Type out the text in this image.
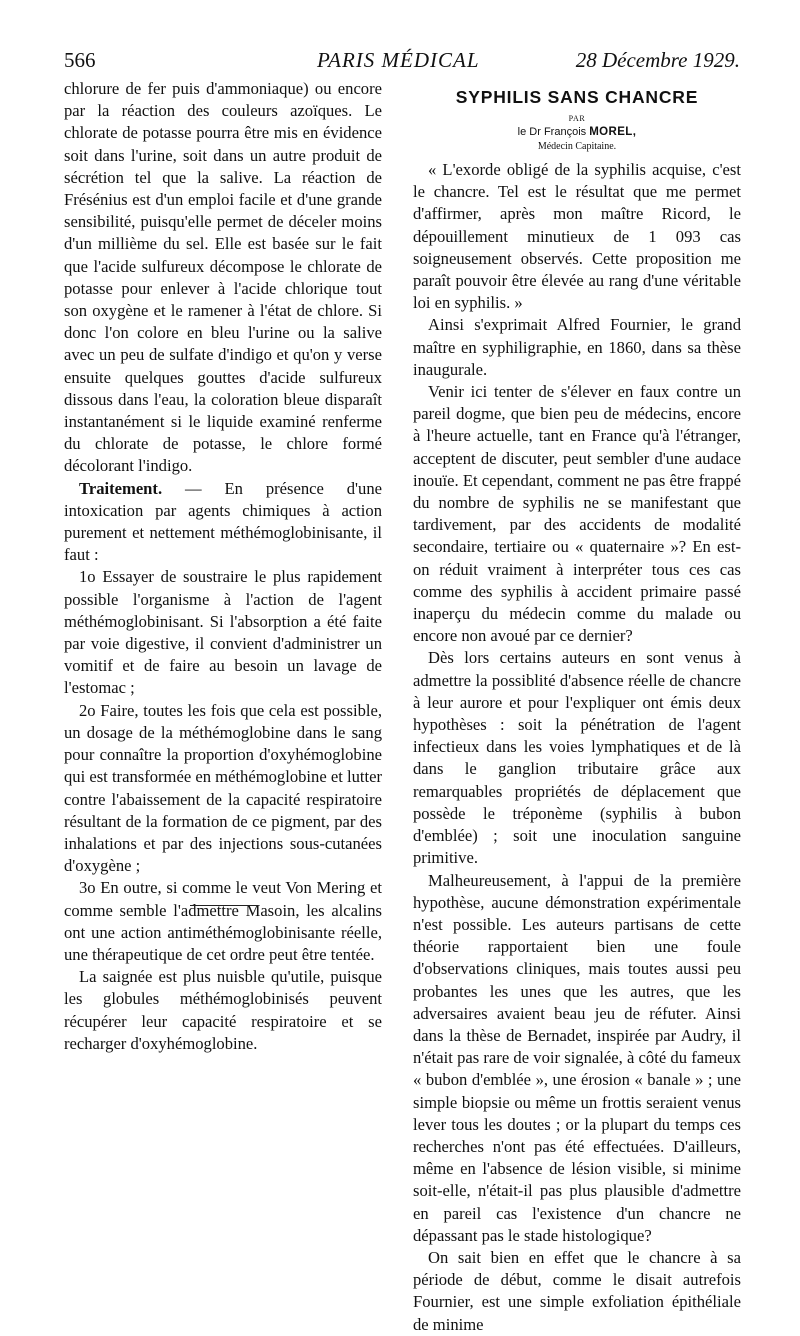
566	PARIS MÉDICAL	28 Décembre 1929.

chlorure de fer puis d'ammoniaque) ou encore par la réaction des couleurs azoïques. Le chlorate de potasse pourra être mis en évidence soit dans l'urine, soit dans un autre produit de sécrétion tel que la salive. La réaction de Frésénius est d'un emploi facile et d'une grande sensibilité, puisqu'elle permet de déceler moins d'un millième du sel. Elle est basée sur le fait que l'acide sulfureux décompose le chlorate de potasse pour enlever à l'acide chlorique tout son oxygène et le ramener à l'état de chlore. Si donc l'on colore en bleu l'urine ou la salive avec un peu de sulfate d'indigo et qu'on y verse ensuite quelques gouttes d'acide sulfureux dissous dans l'eau, la coloration bleue disparaît instantanément si le liquide examiné renferme du chlorate de potasse, le chlore formé décolorant l'indigo.

Traitement. — En présence d'une intoxication par agents chimiques à action purement et nettement méthémoglobinisante, il faut :

1o Essayer de soustraire le plus rapidement possible l'organisme à l'action de l'agent méthémoglobinisant. Si l'absorption a été faite par voie digestive, il convient d'administrer un vomitif et de faire au besoin un lavage de l'estomac ;

2o Faire, toutes les fois que cela est possible, un dosage de la méthémoglobine dans le sang pour connaître la proportion d'oxyhémoglobine qui est transformée en méthémoglobine et lutter contre l'abaissement de la capacité respiratoire résultant de la formation de ce pigment, par des inhalations et par des injections sous-cutanées d'oxygène ;

3o En outre, si comme le veut Von Mering et comme semble l'admettre Masoin, les alcalins ont une action antiméthémoglobinisante réelle, une thérapeutique de cet ordre peut être tentée.

La saignée est plus nuisble qu'utile, puisque les globules méthémoglobinisés peuvent récupérer leur capacité respiratoire et se recharger d'oxyhémoglobine.

SYPHILIS SANS CHANCRE
PAR
le Dr François MOREL,
Médecin Capitaine.

« L'exorde obligé de la syphilis acquise, c'est le chancre. Tel est le résultat que me permet d'affirmer, après mon maître Ricord, le dépouillement minutieux de 1 093 cas soigneusement observés. Cette proposition me paraît pouvoir être élevée au rang d'une véritable loi en syphilis. »

Ainsi s'exprimait Alfred Fournier, le grand maître en syphiligraphie, en 1860, dans sa thèse inaugurale.

Venir ici tenter de s'élever en faux contre un pareil dogme, que bien peu de médecins, encore à l'heure actuelle, tant en France qu'à l'étranger, acceptent de discuter, peut sembler d'une audace inouïe. Et cependant, comment ne pas être frappé du nombre de syphilis ne se manifestant que tardivement, par des accidents de modalité secondaire, tertiaire ou « quaternaire »? En est-on réduit vraiment à interpréter tous ces cas comme des syphilis à accident primaire passé inaperçu du médecin comme du malade ou encore non avoué par ce dernier?

Dès lors certains auteurs en sont venus à admettre la possiblité d'absence réelle de chancre à leur aurore et pour l'expliquer ont émis deux hypothèses : soit la pénétration de l'agent infectieux dans les voies lymphatiques et de là dans le ganglion tributaire grâce aux remarquables propriétés de déplacement que possède le tréponème (syphilis à bubon d'emblée) ; soit une inoculation sanguine primitive.

Malheureusement, à l'appui de la première hypothèse, aucune démonstration expérimentale n'est possible. Les auteurs partisans de cette théorie rapportaient bien une foule d'observations cliniques, mais toutes aussi peu probantes les unes que les autres, que les adversaires avaient beau jeu de réfuter. Ainsi dans la thèse de Bernadet, inspirée par Audry, il n'était pas rare de voir signalée, à côté du fameux « bubon d'emblée », une érosion « banale » ; une simple biopsie ou même un frottis seraient venus lever tous les doutes ; or la plupart du temps ces recherches n'ont pas été effectuées. D'ailleurs, même en l'absence de lésion visible, si minime soit-elle, n'était-il pas plus plausible d'admettre en pareil cas l'existence d'un chancre ne dépassant pas le stade histologique?

On sait bien en effet que le chancre à sa période de début, comme le disait autrefois Fournier, est une simple exfoliation épithéliale de minime
